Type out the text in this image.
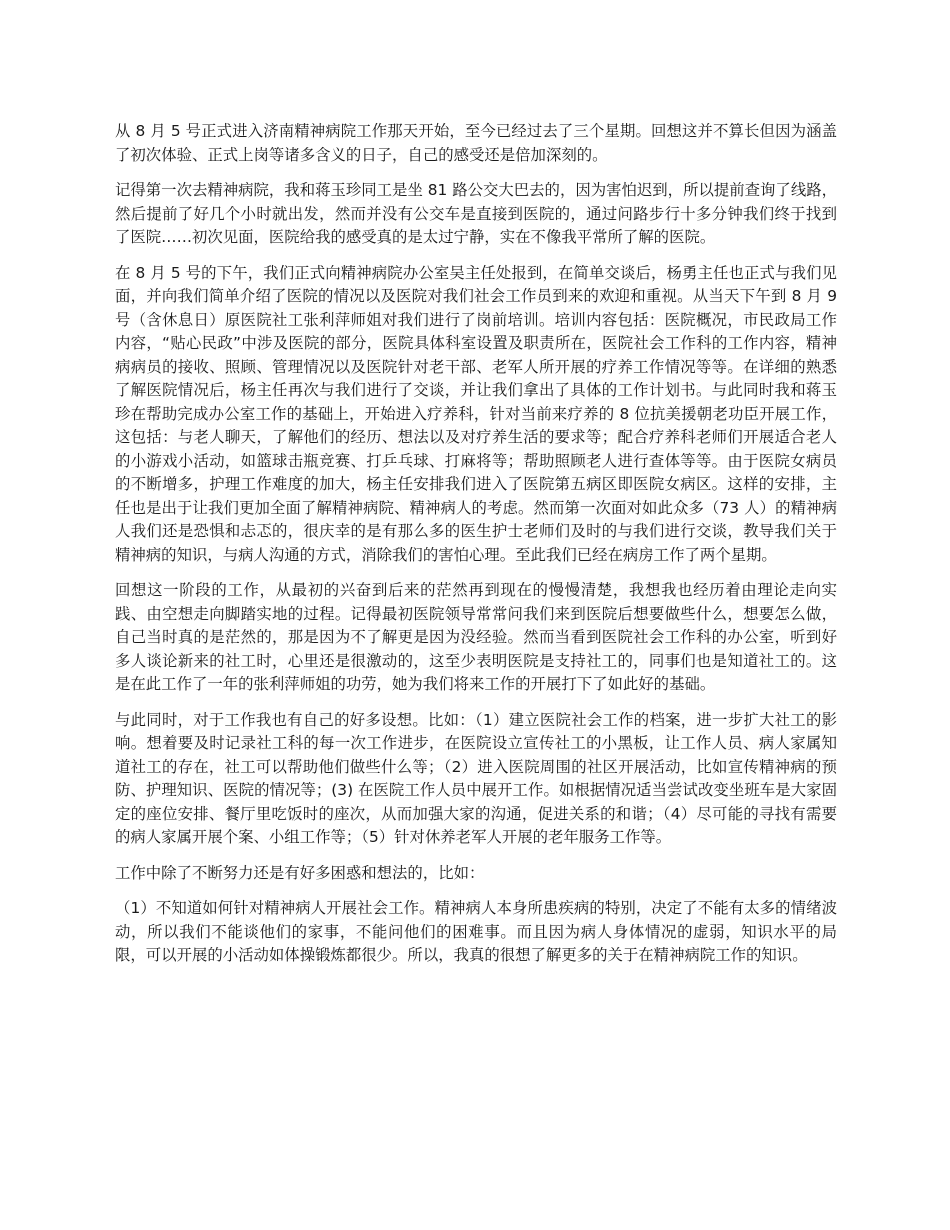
从 8 月 5 号正式进入济南精神病院工作那天开始，至今已经过去了三个星期。回想这并不算长但因为涵盖了初次体验、正式上岗等诸多含义的日子，自己的感受还是倍加深刻的。

记得第一次去精神病院，我和蒋玉珍同工是坐 81 路公交大巴去的，因为害怕迟到，所以提前查询了线路，然后提前了好几个小时就出发，然而并没有公交车是直接到医院的，通过问路步行十多分钟我们终于找到了医院……初次见面，医院给我的感受真的是太过宁静，实在不像我平常所了解的医院。

在 8 月 5 号的下午，我们正式向精神病院办公室吴主任处报到，在简单交谈后，杨勇主任也正式与我们见面，并向我们简单介绍了医院的情况以及医院对我们社会工作员到来的欢迎和重视。从当天下午到 8 月 9 号（含休息日）原医院社工张利萍师姐对我们进行了岗前培训。培训内容包括：医院概况，市民政局工作内容，“贴心民政”中涉及医院的部分，医院具体科室设置及职责所在，医院社会工作科的工作内容，精神病病员的接收、照顾、管理情况以及医院针对老干部、老军人所开展的疗养工作情况等等。在详细的熟悉了解医院情况后，杨主任再次与我们进行了交谈，并让我们拿出了具体的工作计划书。与此同时我和蒋玉珍在帮助完成办公室工作的基础上，开始进入疗养科，针对当前来疗养的 8 位抗美援朝老功臣开展工作，这包括：与老人聊天，了解他们的经历、想法以及对疗养生活的要求等；配合疗养科老师们开展适合老人的小游戏小活动，如篮球击瓶竞赛、打乒乓球、打麻将等；帮助照顾老人进行查体等等。由于医院女病员的不断增多，护理工作难度的加大，杨主任安排我们进入了医院第五病区即医院女病区。这样的安排，主任也是出于让我们更加全面了解精神病院、精神病人的考虑。然而第一次面对如此众多（73 人）的精神病人我们还是恐惧和忐忑的，很庆幸的是有那么多的医生护士老师们及时的与我们进行交谈，教导我们关于精神病的知识，与病人沟通的方式，消除我们的害怕心理。至此我们已经在病房工作了两个星期。

回想这一阶段的工作，从最初的兴奋到后来的茫然再到现在的慢慢清楚，我想我也经历着由理论走向实践、由空想走向脚踏实地的过程。记得最初医院领导常常问我们来到医院后想要做些什么，想要怎么做，自己当时真的是茫然的，那是因为不了解更是因为没经验。然而当看到医院社会工作科的办公室，听到好多人谈论新来的社工时，心里还是很激动的，这至少表明医院是支持社工的，同事们也是知道社工的。这是在此工作了一年的张利萍师姐的功劳，她为我们将来工作的开展打下了如此好的基础。

与此同时，对于工作我也有自己的好多设想。比如：（1）建立医院社会工作的档案，进一步扩大社工的影响。想着要及时记录社工科的每一次工作进步，在医院设立宣传社工的小黑板，让工作人员、病人家属知道社工的存在，社工可以帮助他们做些什么等；（2）进入医院周围的社区开展活动，比如宣传精神病的预防、护理知识、医院的情况等；(3) 在医院工作人员中展开工作。如根据情况适当尝试改变坐班车是大家固定的座位安排、餐厅里吃饭时的座次，从而加强大家的沟通，促进关系的和谐；（4）尽可能的寻找有需要的病人家属开展个案、小组工作等；（5）针对休养老军人开展的老年服务工作等。

工作中除了不断努力还是有好多困惑和想法的，比如：

（1）不知道如何针对精神病人开展社会工作。精神病人本身所患疾病的特别，决定了不能有太多的情绪波动，所以我们不能谈他们的家事，不能问他们的困难事。而且因为病人身体情况的虚弱，知识水平的局限，可以开展的小活动如体操锻炼都很少。所以，我真的很想了解更多的关于在精神病院工作的知识。
